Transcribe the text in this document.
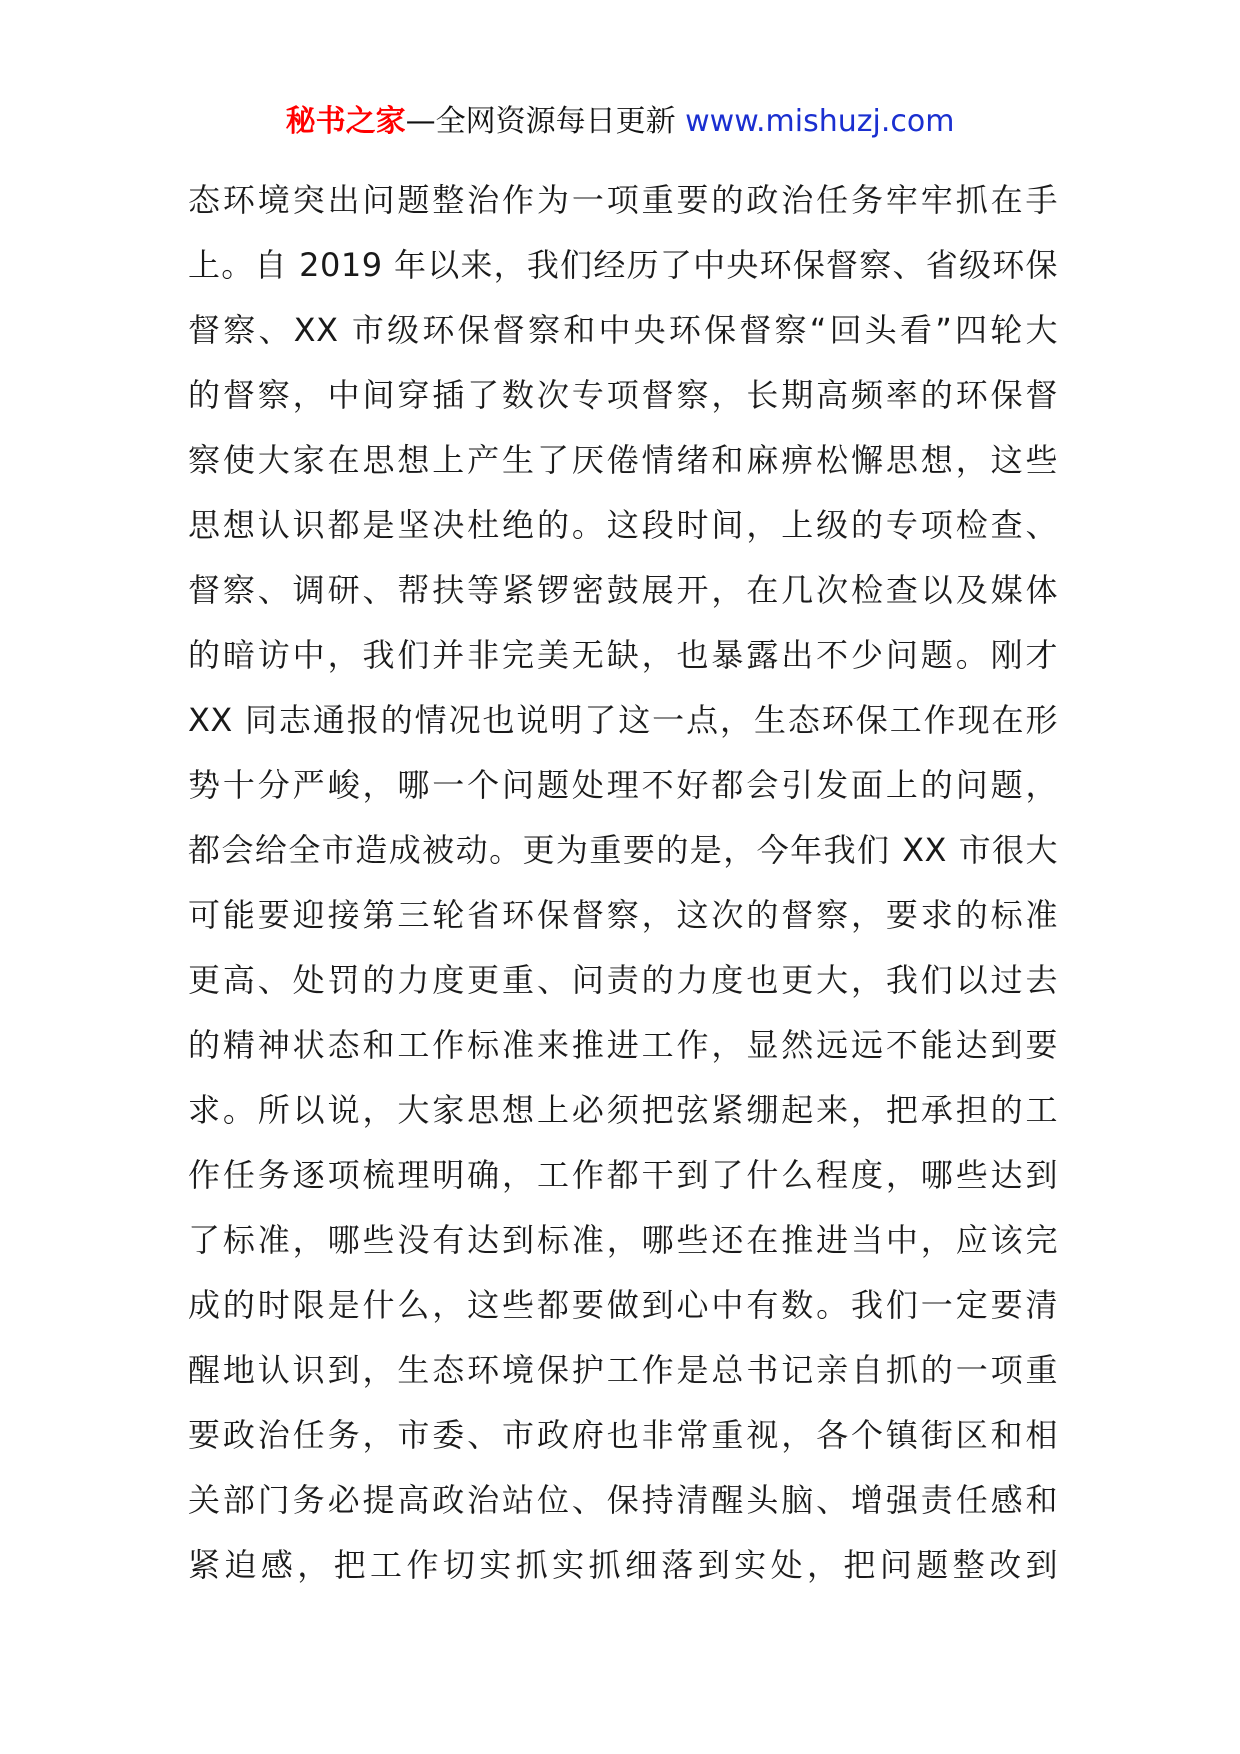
秘书之家—全网资源每日更新 www.mishuzj.com
态环境突出问题整治作为一项重要的政治任务牢牢抓在手
上。自 2019 年以来，我们经历了中央环保督察、省级环保
督察、XX 市级环保督察和中央环保督察“回头看”四轮大
的督察，中间穿插了数次专项督察，长期高频率的环保督
察使大家在思想上产生了厌倦情绪和麻痹松懈思想，这些
思想认识都是坚决杜绝的。这段时间，上级的专项检查、
督察、调研、帮扶等紧锣密鼓展开，在几次检查以及媒体
的暗访中，我们并非完美无缺，也暴露出不少问题。刚才
XX 同志通报的情况也说明了这一点，生态环保工作现在形
势十分严峻，哪一个问题处理不好都会引发面上的问题，
都会给全市造成被动。更为重要的是，今年我们 XX 市很大
可能要迎接第三轮省环保督察，这次的督察，要求的标准
更高、处罚的力度更重、问责的力度也更大，我们以过去
的精神状态和工作标准来推进工作，显然远远不能达到要
求。所以说，大家思想上必须把弦紧绷起来，把承担的工
作任务逐项梳理明确，工作都干到了什么程度，哪些达到
了标准，哪些没有达到标准，哪些还在推进当中，应该完
成的时限是什么，这些都要做到心中有数。我们一定要清
醒地认识到，生态环境保护工作是总书记亲自抓的一项重
要政治任务，市委、市政府也非常重视，各个镇街区和相
关部门务必提高政治站位、保持清醒头脑、增强责任感和
紧迫感，把工作切实抓实抓细落到实处，把问题整改到
